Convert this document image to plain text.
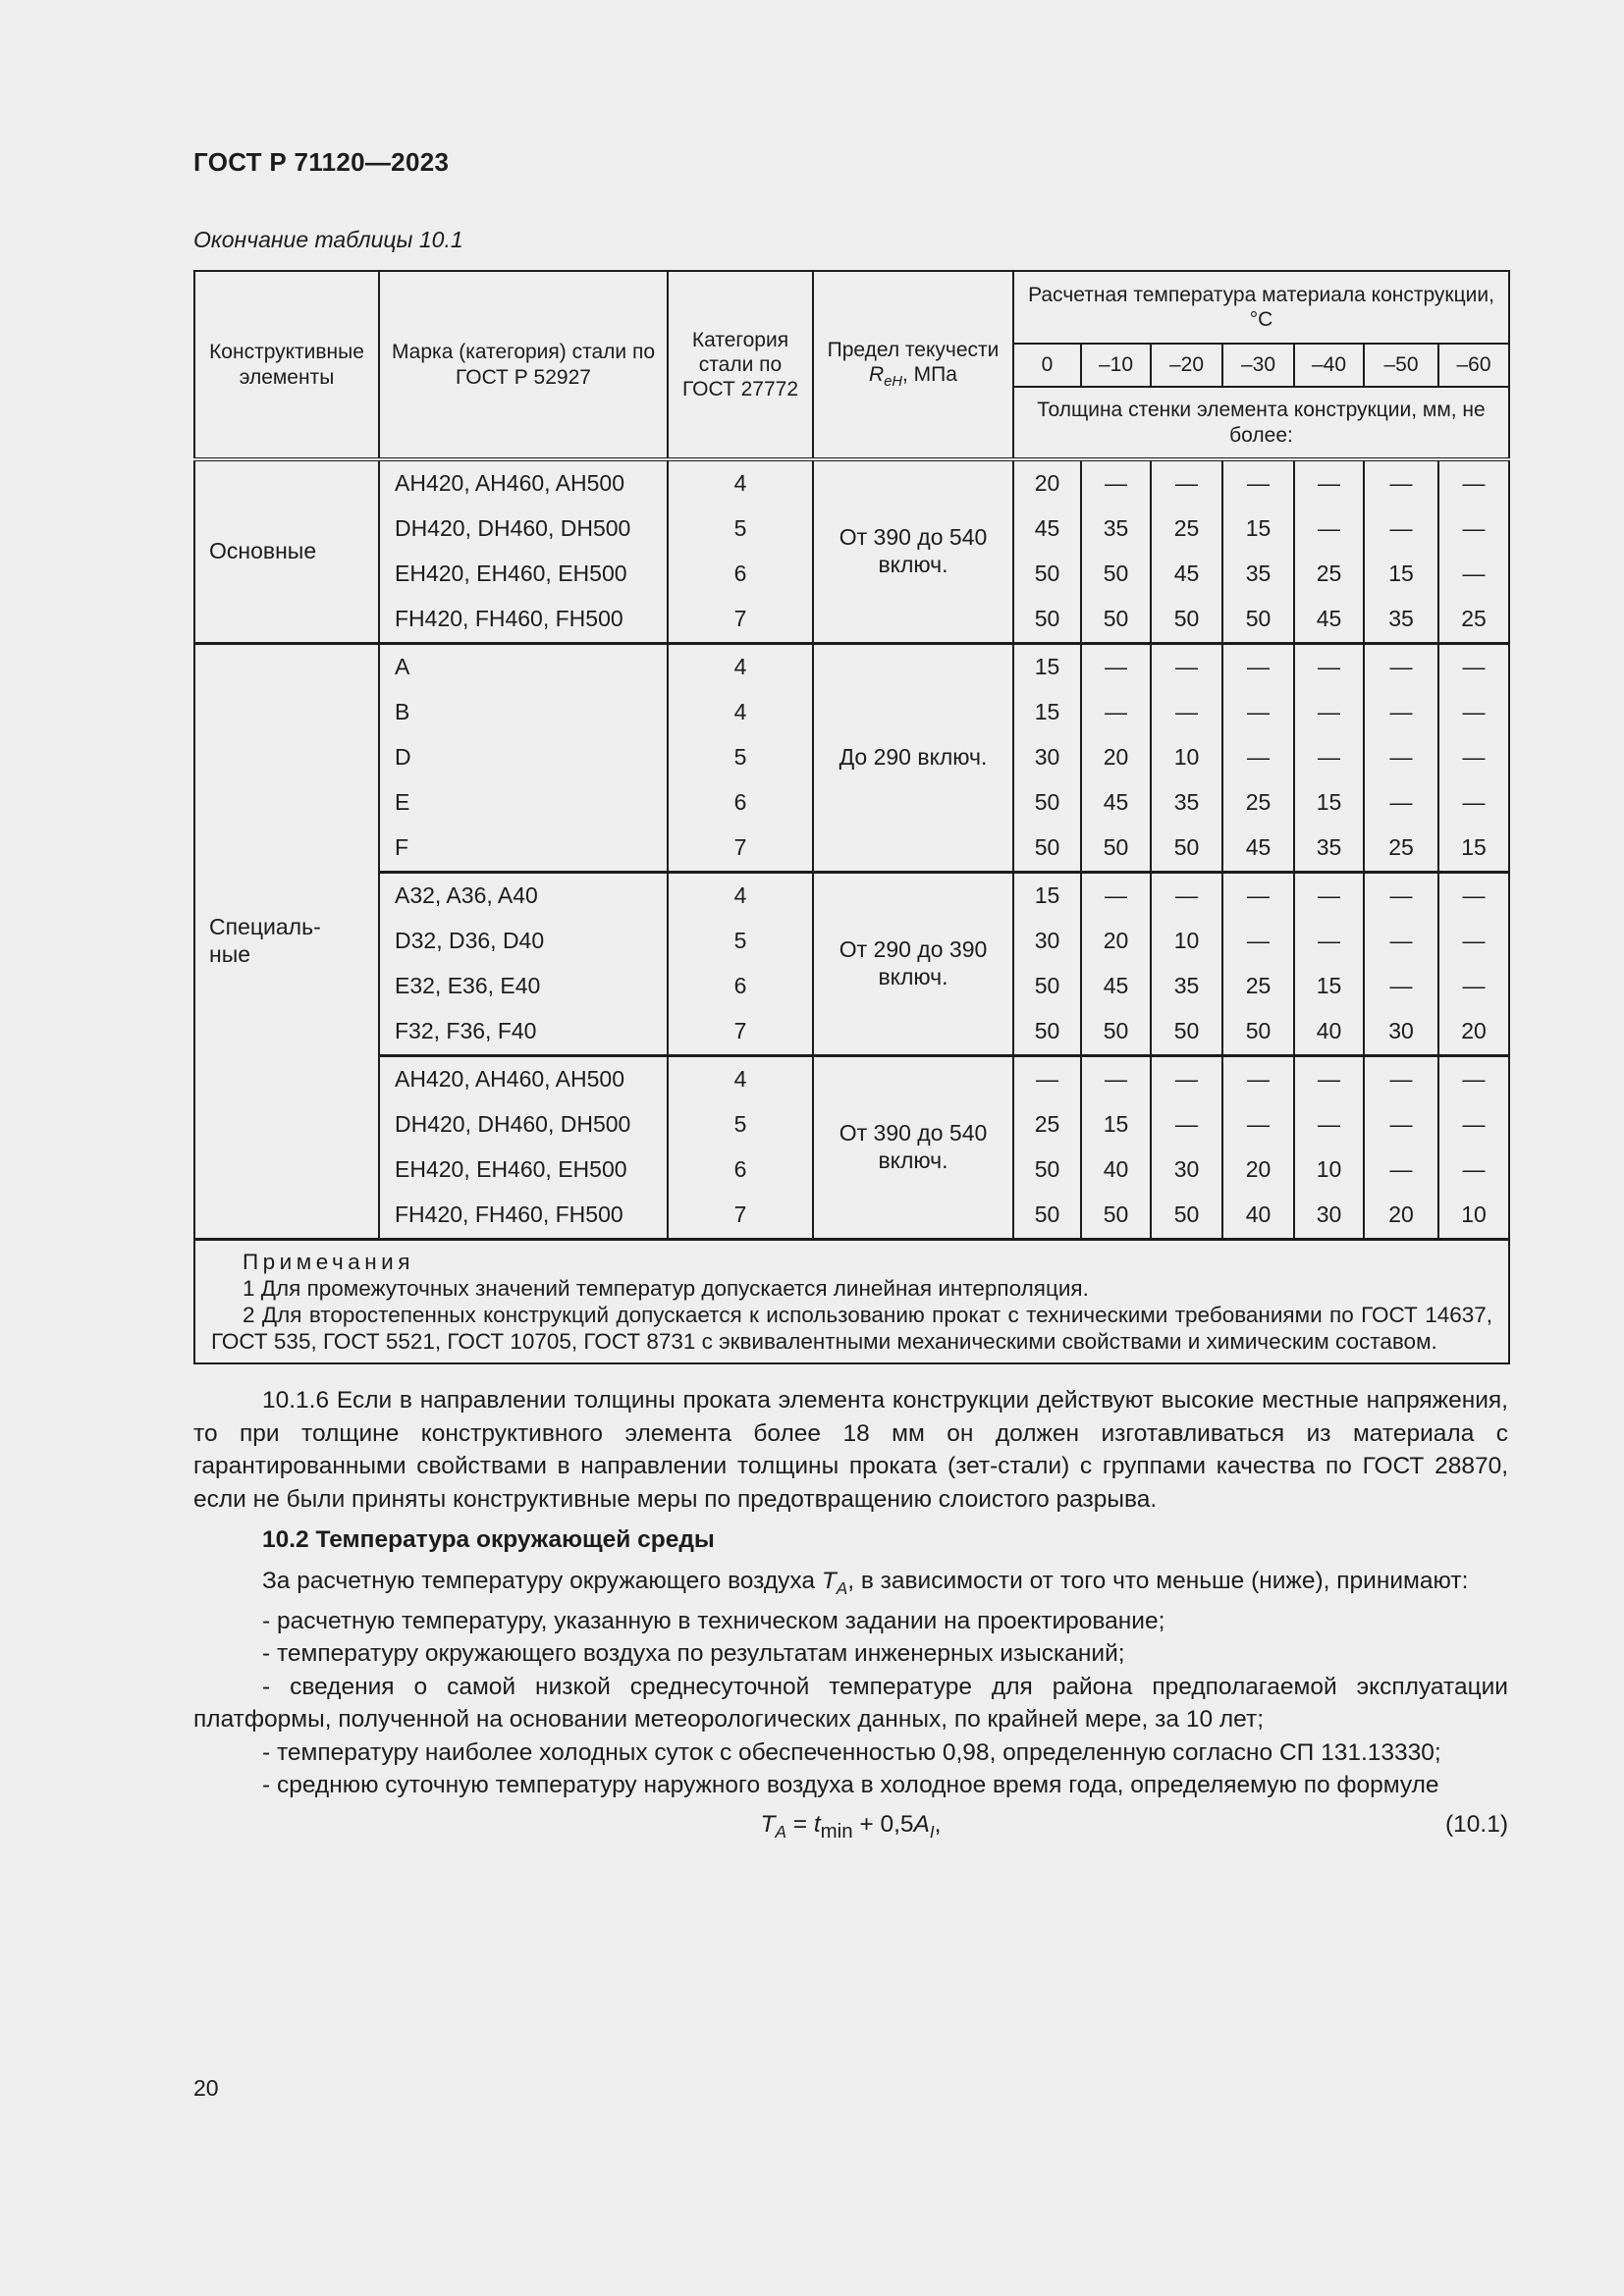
ГОСТ Р 71120—2023
Окончание таблицы 10.1
Конструктивные элементы	Марка (категория) стали по ГОСТ Р 52927	Категория стали по ГОСТ 27772	Предел текучести
$R_{еН}$, МПа	Расчетная температура материала конструкции, °С						
				0	–10	–20	–30	–40	–50	–60
				Толщина стенки элемента конструкции, мм, не более:						
Основные	AH420, AH460, AH500	4	От 390 до 540 включ.	20	—	—	—	—	—	—
	DH420, DH460, DH500	5		45	35	25	15	—	—	—
	EH420, EH460, EH500	6		50	50	45	35	25	15	—
	FH420, FH460, FH500	7		50	50	50	50	45	35	25
Специаль-
ные	A	4	До 290 включ.	15	—	—	—	—	—	—
	B	4		15	—	—	—	—	—	—
	D	5		30	20	10	—	—	—	—
	E	6		50	45	35	25	15	—	—
	F	7		50	50	50	45	35	25	15
	A32, A36, A40	4	От 290 до 390 включ.	15	—	—	—	—	—	—
	D32, D36, D40	5		30	20	10	—	—	—	—
	E32, E36, E40	6		50	45	35	25	15	—	—
	F32, F36, F40	7		50	50	50	50	40	30	20
	AH420, AH460, AH500	4	От 390 до 540 включ.	—	—	—	—	—	—	—
	DH420, DH460, DH500	5		25	15	—	—	—	—	—
	EH420, EH460, EH500	6		50	40	30	20	10	—	—
	FH420, FH460, FH500	7		50	50	50	40	30	20	10

Примечания
1 Для промежуточных значений температур допускается линейная интерполяция.
2 Для второстепенных конструкций допускается к использованию прокат с техническими требованиями по ГОСТ 14637, ГОСТ 535, ГОСТ 5521, ГОСТ 10705, ГОСТ 8731 с эквивалентными механическими свойствами и химическим составом.										

10.1.6 Если в направлении толщины проката элемента конструкции действуют высокие местные напряжения, то при толщине конструктивного элемента более 18 мм он должен изготавливаться из материала с гарантированными свойствами в направлении толщины проката (зет-стали) с группами качества по ГОСТ 28870, если не были приняты конструктивные меры по предотвращению слоистого разрыва.

10.2 Температура окружающей среды

За расчетную температуру окружающего воздуха $T_A$, в зависимости от того что меньше (ниже), принимают:

- расчетную температуру, указанную в техническом задании на проектирование;

- температуру окружающего воздуха по результатам инженерных изысканий;

- сведения о самой низкой среднесуточной температуре для района предполагаемой эксплуатации платформы, полученной на основании метеорологических данных, по крайней мере, за 10 лет;

- температуру наиболее холодных суток с обеспеченностью 0,98, определенную согласно СП 131.13330;

- среднюю суточную температуру наружного воздуха в холодное время года, определяемую по формуле

$T_A = t_{min} + 0,5A_I$,	(10.1)
20
